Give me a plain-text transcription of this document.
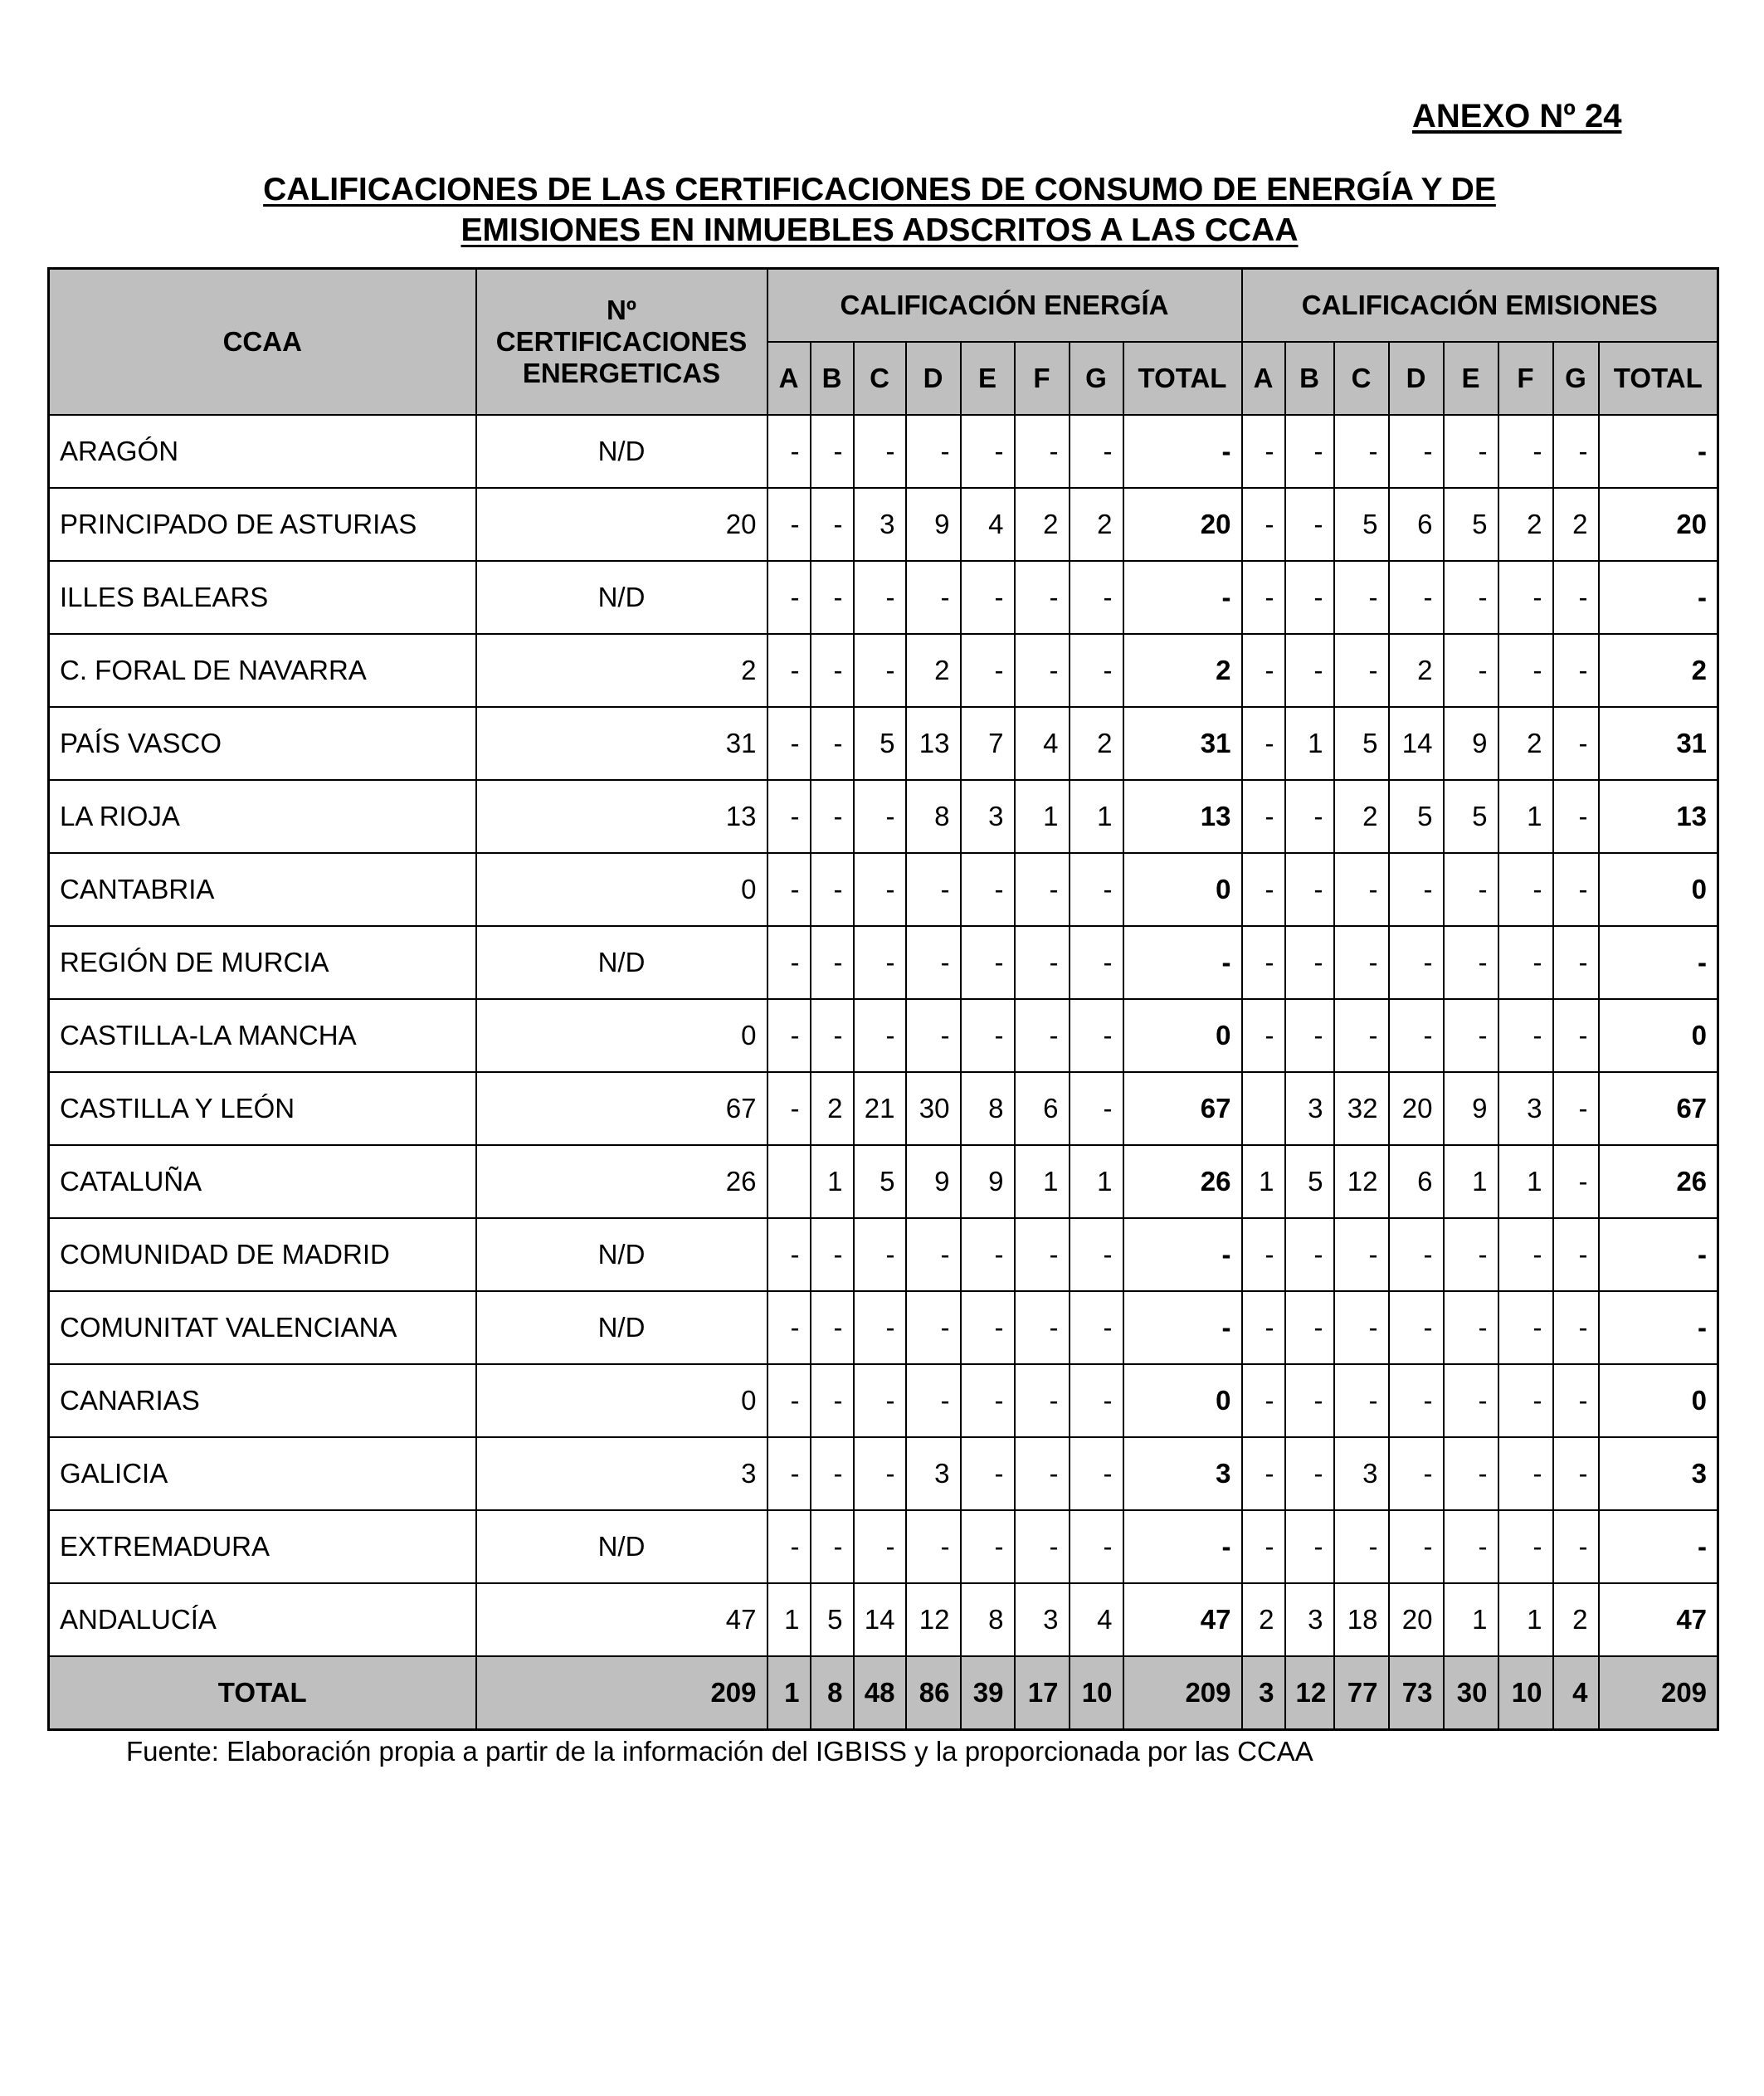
ANEXO Nº 24
CALIFICACIONES DE LAS CERTIFICACIONES DE CONSUMO DE ENERGÍA Y DE
EMISIONES EN INMUEBLES ADSCRITOS A LAS CCAA
CCAA	Nº
CERTIFICACIONES
ENERGETICAS	CALIFICACIÓN ENERGÍA								CALIFICACIÓN EMISIONES							
		A	B	C	D	E	F	G	TOTAL	A	B	C	D	E	F	G	TOTAL
ARAGÓN	N/D	-	-	-	-	-	-	-	-	-	-	-	-	-	-	-	-
PRINCIPADO DE ASTURIAS	20	-	-	3	9	4	2	2	20	-	-	5	6	5	2	2	20
ILLES BALEARS	N/D	-	-	-	-	-	-	-	-	-	-	-	-	-	-	-	-
C. FORAL DE NAVARRA	2	-	-	-	2	-	-	-	2	-	-	-	2	-	-	-	2
PAÍS VASCO	31	-	-	5	13	7	4	2	31	-	1	5	14	9	2	-	31
LA RIOJA	13	-	-	-	8	3	1	1	13	-	-	2	5	5	1	-	13
CANTABRIA	0	-	-	-	-	-	-	-	0	-	-	-	-	-	-	-	0
REGIÓN DE MURCIA	N/D	-	-	-	-	-	-	-	-	-	-	-	-	-	-	-	-
CASTILLA-LA MANCHA	0	-	-	-	-	-	-	-	0	-	-	-	-	-	-	-	0
CASTILLA Y LEÓN	67	-	2	21	30	8	6	-	67		3	32	20	9	3	-	67
CATALUÑA	26		1	5	9	9	1	1	26	1	5	12	6	1	1	-	26
COMUNIDAD DE MADRID	N/D	-	-	-	-	-	-	-	-	-	-	-	-	-	-	-	-
COMUNITAT VALENCIANA	N/D	-	-	-	-	-	-	-	-	-	-	-	-	-	-	-	-
CANARIAS	0	-	-	-	-	-	-	-	0	-	-	-	-	-	-	-	0
GALICIA	3	-	-	-	3	-	-	-	3	-	-	3	-	-	-	-	3
EXTREMADURA	N/D	-	-	-	-	-	-	-	-	-	-	-	-	-	-	-	-
ANDALUCÍA	47	1	5	14	12	8	3	4	47	2	3	18	20	1	1	2	47
TOTAL	209	1	8	48	86	39	17	10	209	3	12	77	73	30	10	4	209
Fuente: Elaboración propia a partir de la información del IGBISS y la proporcionada por las CCAA
